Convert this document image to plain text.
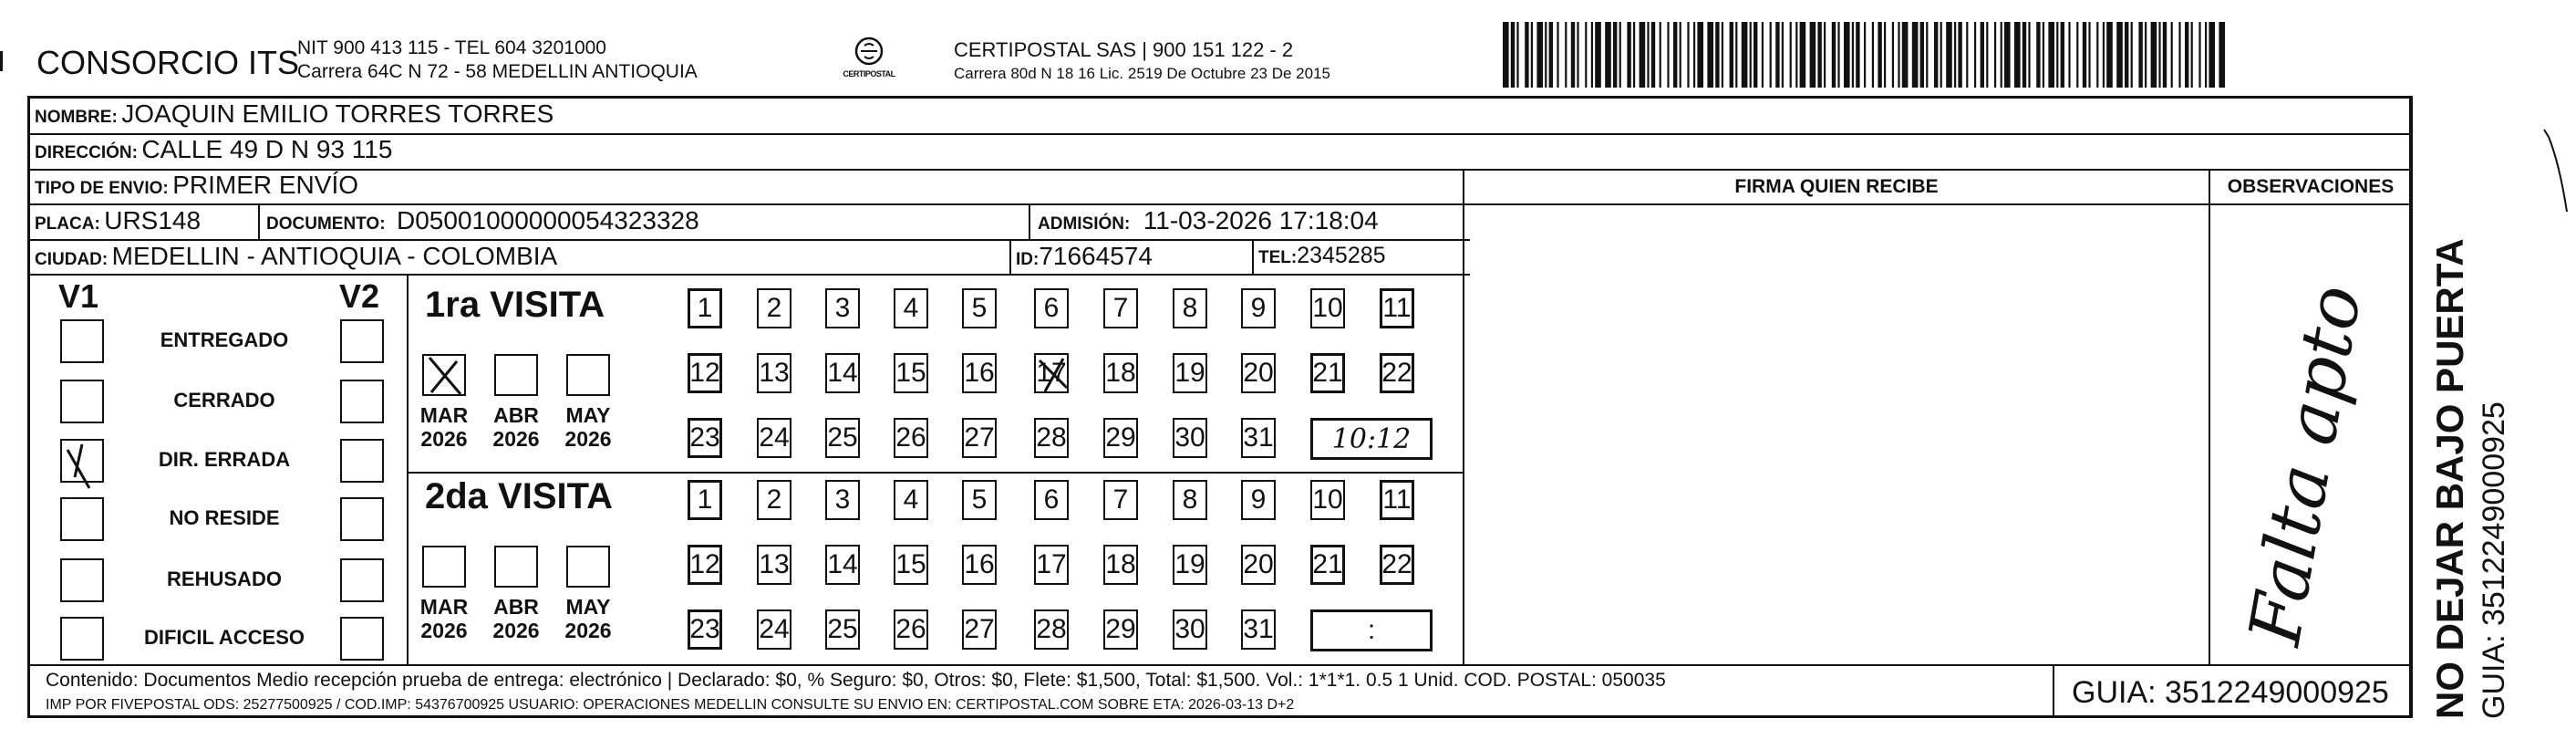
CONSORCIO ITS
NIT 900 413 115 - TEL 604 3201000
Carrera 64C N 72 - 58 MEDELLIN ANTIOQUIA	CERTIPOSTAL
CERTIPOSTAL SAS | 900 151 122 - 2
Carrera 80d N 18 16 Lic. 2519 De Octubre 23 De 2015
NOMBRE: JOAQUIN EMILIO TORRES TORRES
DIRECCIÓN: CALLE 49 D N 93 115
TIPO DE ENVIO: PRIMER ENVÍO
PLACA: URS148	DOCUMENTO: D05001000000054323328	ADMISIÓN: 11-03-2026 17:18:04
CIUDAD: MEDELLIN - ANTIOQUIA - COLOMBIA	ID:71664574	TEL:2345285
FIRMA QUIEN RECIBE	OBSERVACIONES
V1	V2
ENTREGADO
CERRADO
DIR. ERRADA
NO RESIDE
REHUSADO
DIFICIL ACCESO
1ra VISITA
2da VISITA
MAR
2026
ABR
2026
MAY
2026
1	2	3	4	5	6	7	8	9	10 11
12 13 14 15 16 17 18 19 20 21 22
23 24 25 26 27 28 29 30 31	10:12
MAR
2026
ABR
2026
MAY
2026
1	2	3	4	5	6	7	8	9	10 11
12 13 14 15 16 17 18 19 20 21 22
23 24 25 26 27 28 29 30 31	:	Falta apto NO DEJAR BAJO PUERTA GUIA: 3512249000925
Contenido: Documentos Medio recepción prueba de entrega: electrónico | Declarado: $0, % Seguro: $0, Otros: $0, Flete: $1,500, Total: $1,500. Vol.: 1*1*1. 0.5 1 Unid. COD. POSTAL: 050035
IMP POR FIVEPOSTAL ODS: 25277500925 / COD.IMP: 54376700925 USUARIO: OPERACIONES MEDELLIN CONSULTE SU ENVIO EN: CERTIPOSTAL.COM SOBRE ETA: 2026-03-13 D+2	GUIA: 3512249000925
